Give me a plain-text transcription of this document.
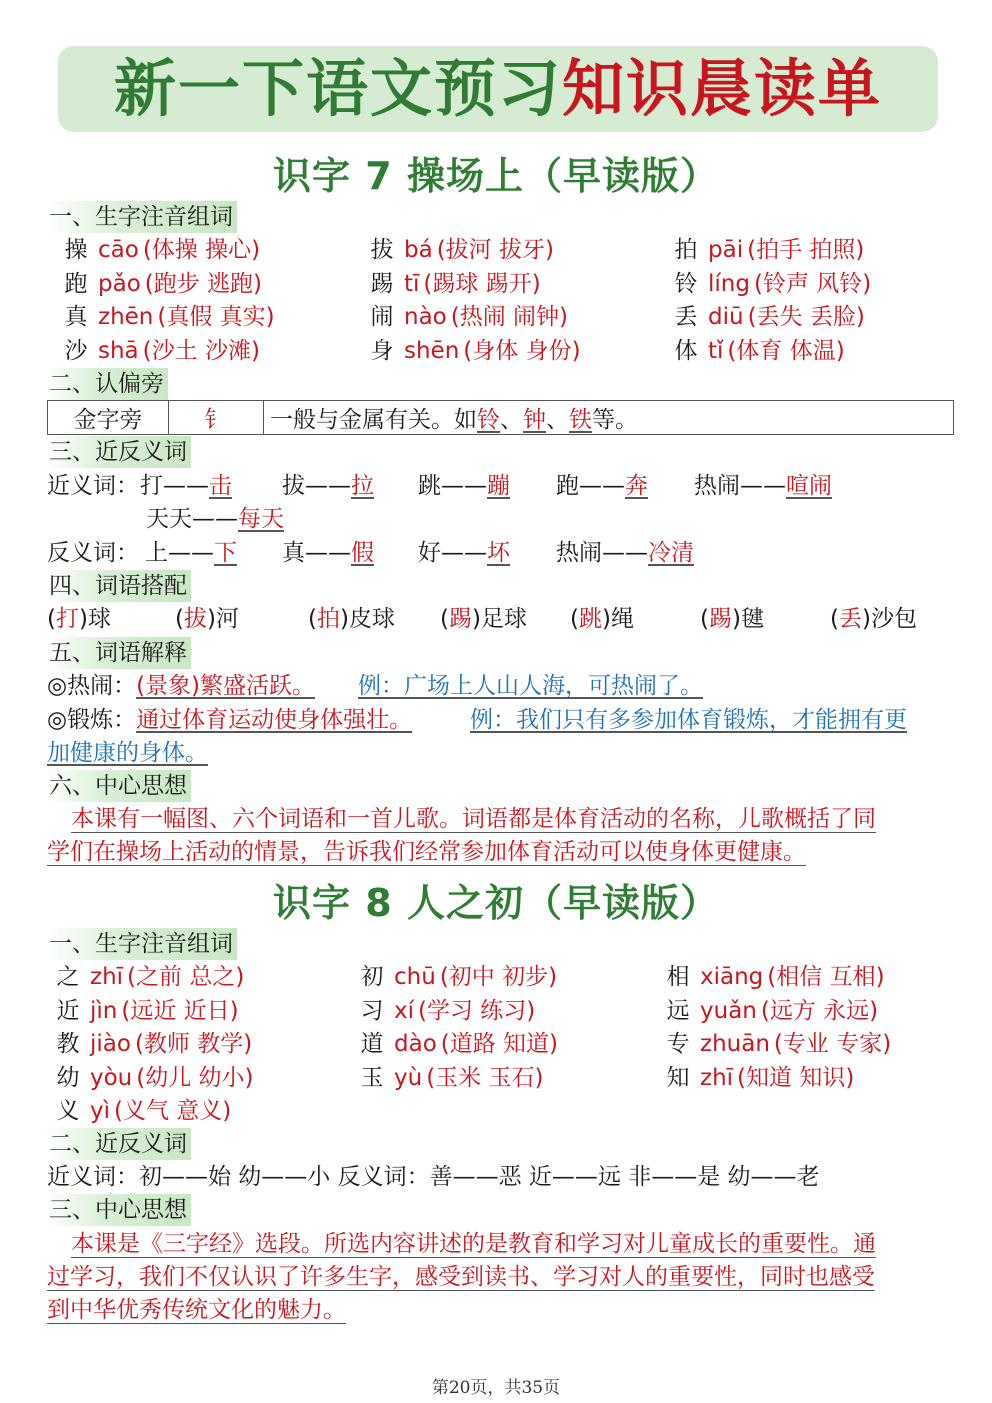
新一下语文预习知识晨读单
识字 7 操场上（早读版）
一、生字注音组词
操 cāo (体操 操心)	拔 bá (拔河 拔牙)	拍 pāi (拍手 拍照)
跑 pǎo (跑步 逃跑)	踢 tī (踢球 踢开)	铃 líng (铃声 风铃)
真 zhēn (真假 真实)	闹 nào (热闹 闹钟)	丢 diū (丢失 丢脸)
沙 shā (沙土 沙滩)	身 shēn (身体 身份)	体 tǐ (体育 体温)
二、认偏旁
金字旁	钅	一般与金属有关。如铃、钟、铁等。
三、近反义词
近义词： 打——击 拔——拉 跳——蹦 跑——奔 热闹——喧闹
天天——每天
反义词： 上——下 真——假 好——坏 热闹——冷清
四、词语搭配
(打)球	(拔)河	(拍)皮球 (踢)足球 (跳)绳	(踢)毽	(丢)沙包
五、词语解释
◎热闹：(景象)繁盛活跃。 例：广场上人山人海，可热闹了。
◎锻炼：通过体育运动使身体强壮。	例：我们只有多参加体育锻炼，才能拥有更
加健康的身体。
六、中心思想
本课有一幅图、六个词语和一首儿歌。词语都是体育活动的名称，儿歌概括了同
学们在操场上活动的情景，告诉我们经常参加体育活动可以使身体更健康。
识字 8 人之初（早读版）
一、生字注音组词
之 zhī (之前 总之)	初 chū (初中 初步)	相 xiāng (相信 互相)
近 jìn (远近 近日)	习 xí (学习 练习)	远 yuǎn (远方 永远)
教 jiào (教师 教学)	道 dào (道路 知道)	专 zhuān (专业 专家)
幼 yòu (幼儿 幼小)	玉 yù (玉米 玉石)	知 zhī (知道 知识)
义 yì (义气 意义)
二、近反义词
近义词：初——始 幼——小 反义词：善——恶 近——远 非——是 幼——老
三、中心思想
本课是《三字经》选段。所选内容讲述的是教育和学习对儿童成长的重要性。通
过学习，我们不仅认识了许多生字，感受到读书、学习对人的重要性，同时也感受
到中华优秀传统文化的魅力。
第20页，共35页
